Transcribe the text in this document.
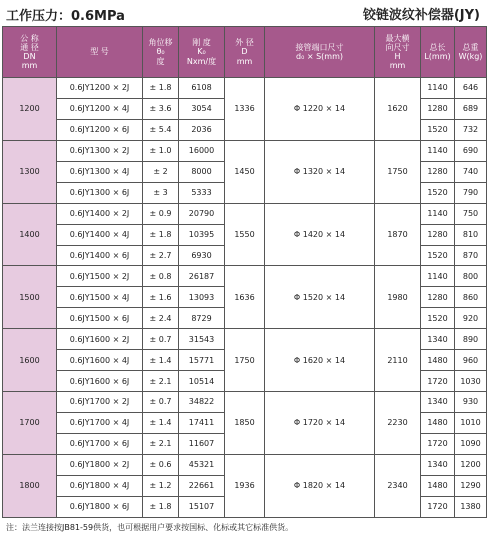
工作压力：0.6MPa	铰链波纹补偿器(JY)
公 称
通 径
DN
mm	型 号	角位移
θ₀
度	刚 度
K₀
Nxm/度	外 径
D
mm	接管端口尺寸
d₀ × S(mm)	最大横
向尺寸
H
mm	总长
L(mm)	总重
W(kg)

1200	0.6JY1200 × 2J	± 1.8	6108	1336	Φ 1220 × 14	1620	1140	646
	0.6JY1200 × 4J	± 3.6	3054				1280	689
	0.6JY1200 × 6J	± 5.4	2036				1520	732
1300	0.6JY1300 × 2J	± 1.0	16000	1450	Φ 1320 × 14	1750	1140	690
	0.6JY1300 × 4J	± 2	8000				1280	740
	0.6JY1300 × 6J	± 3	5333				1520	790
1400	0.6JY1400 × 2J	± 0.9	20790	1550	Φ 1420 × 14	1870	1140	750
	0.6JY1400 × 4J	± 1.8	10395				1280	810
	0.6JY1400 × 6J	± 2.7	6930				1520	870
1500	0.6JY1500 × 2J	± 0.8	26187	1636	Φ 1520 × 14	1980	1140	800
	0.6JY1500 × 4J	± 1.6	13093				1280	860
	0.6JY1500 × 6J	± 2.4	8729				1520	920
1600	0.6JY1600 × 2J	± 0.7	31543	1750	Φ 1620 × 14	2110	1340	890
	0.6JY1600 × 4J	± 1.4	15771				1480	960
	0.6JY1600 × 6J	± 2.1	10514				1720	1030
1700	0.6JY1700 × 2J	± 0.7	34822	1850	Φ 1720 × 14	2230	1340	930
	0.6JY1700 × 4J	± 1.4	17411				1480	1010
	0.6JY1700 × 6J	± 2.1	11607				1720	1090
1800	0.6JY1800 × 2J	± 0.6	45321	1936	Φ 1820 × 14	2340	1340	1200
	0.6JY1800 × 4J	± 1.2	22661				1480	1290
	0.6JY1800 × 6J	± 1.8	15107				1720	1380
注：法兰连接按JB81-59供货，也可根据用户要求按国标、化标或其它标准供货。
